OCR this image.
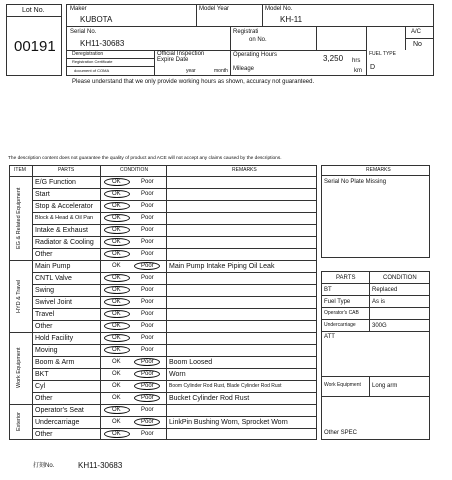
Lot No.
00191
Maker
KUBOTA
Model Year	Model No.
KH-11
Serial No.
KH11-30683
Registrati
on No.
A/C
No
Deregistration
Registration Certificate
document of COMA
Official Inspection
Expire Date
year	month
Operating Hours	3,250 hrs
Mileage	km
FUEL TYPE
D
Please understand that we only provide working hours as shown, accuracy not guaranteed.
The description content does not guarantee the quality of product and ACE will not accept any claims caused by the descriptions.
ITEM	PARTS	CONDITION	REMARKS
EG & Related Equipment
E/G Function	OK	Poor
Start	OK	Poor
Stop & Accelerator	OK	Poor
Block & Head & Oil Pan	OK	Poor
Intake & Exhaust	OK	Poor
Radiator & Cooling	OK	Poor
Other	OK	Poor
HYD & Travel
Main Pump	OK	Poor Main Pump Intake Piping Oil Leak
CNTL Valve	OK	Poor
Swing	OK	Poor
Swivel Joint	OK	Poor
Travel	OK	Poor
Other	OK	Poor
Work Equipment
Hold Facility	OK	Poor
Moving	OK	Poor
Boom & Arm	OK	Poor Boom Loosed
BKT	OK	Poor Worn
Cyl	OK	Poor	Boom Cylinder Rod Rust, Blade Cylinder Rod Rust
Other	OK	Poor Bucket Cylinder Rod Rust
Exterior
Operator's Seat	OK	Poor
Undercarriage	OK	Poor LinkPin Bushing Worn, Sprocket Worn
Other	OK	Poor
REMARKS
Serial No Plate Missing
PARTS	CONDITION
BT	Replaced
Fuel Type	As is
Operator's CAB
Undercarriage	300G
ATT
Work Equipment Long arm
Other SPEC
打刻No.	KH11-30683
